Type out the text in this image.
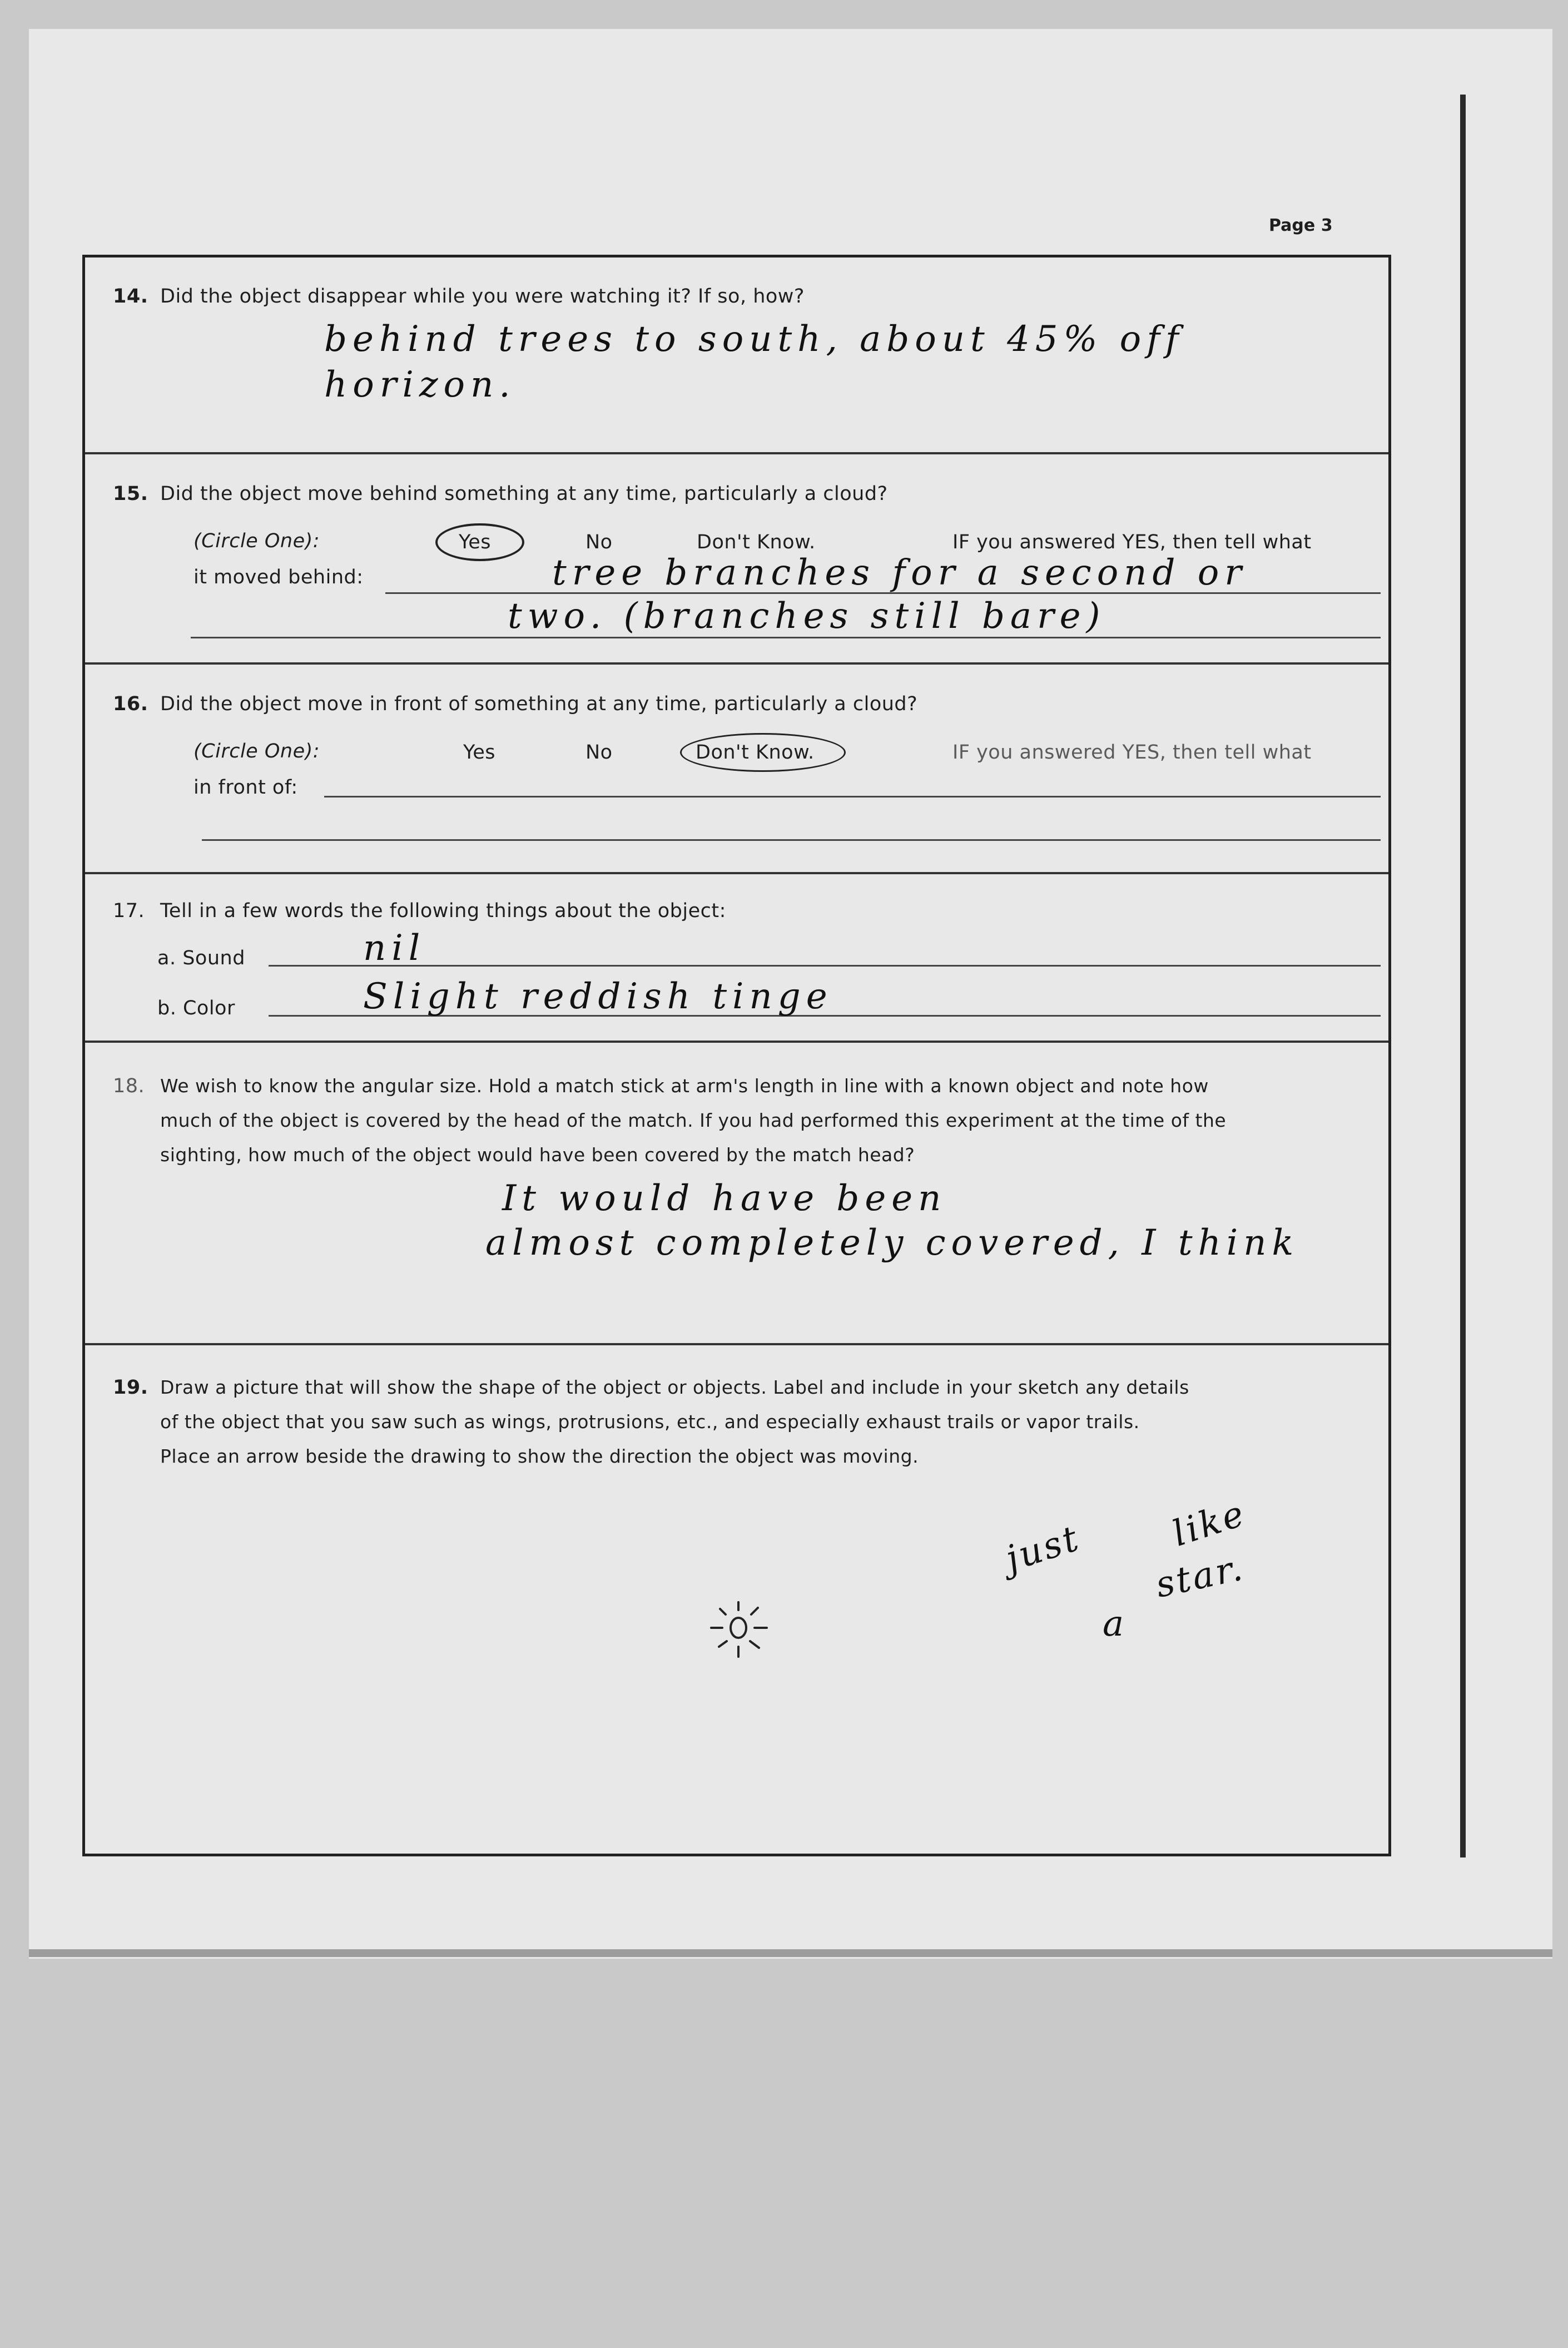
Page 3
14. Did the object disappear while you were watching it? If so, how?
behind trees to south, about 45% off
horizon.
15. Did the object move behind something at any time, particularly a cloud?
(Circle One):	Yes	No	Don't Know.	IF you answered YES, then tell what
it moved behind:	tree branches for a second or
two. (branches still bare)
16. Did the object move in front of something at any time, particularly a cloud?
(Circle One):	Yes	No	Don't Know.	IF you answered YES, then tell what
in front of:
17. Tell in a few words the following things about the object:
a. Sound	nil
b. Color	Slight reddish tinge
18. We wish to know the angular size. Hold a match stick at arm's length in line with a known object and note how
much of the object is covered by the head of the match. If you had performed this experiment at the time of the
sighting, how much of the object would have been covered by the match head?
It would have been
almost completely covered, I think
19. Draw a picture that will show the shape of the object or objects. Label and include in your sketch any details
of the object that you saw such as wings, protrusions, etc., and especially exhaust trails or vapor trails.
Place an arrow beside the drawing to show the direction the object was moving.
just like
a
star.
